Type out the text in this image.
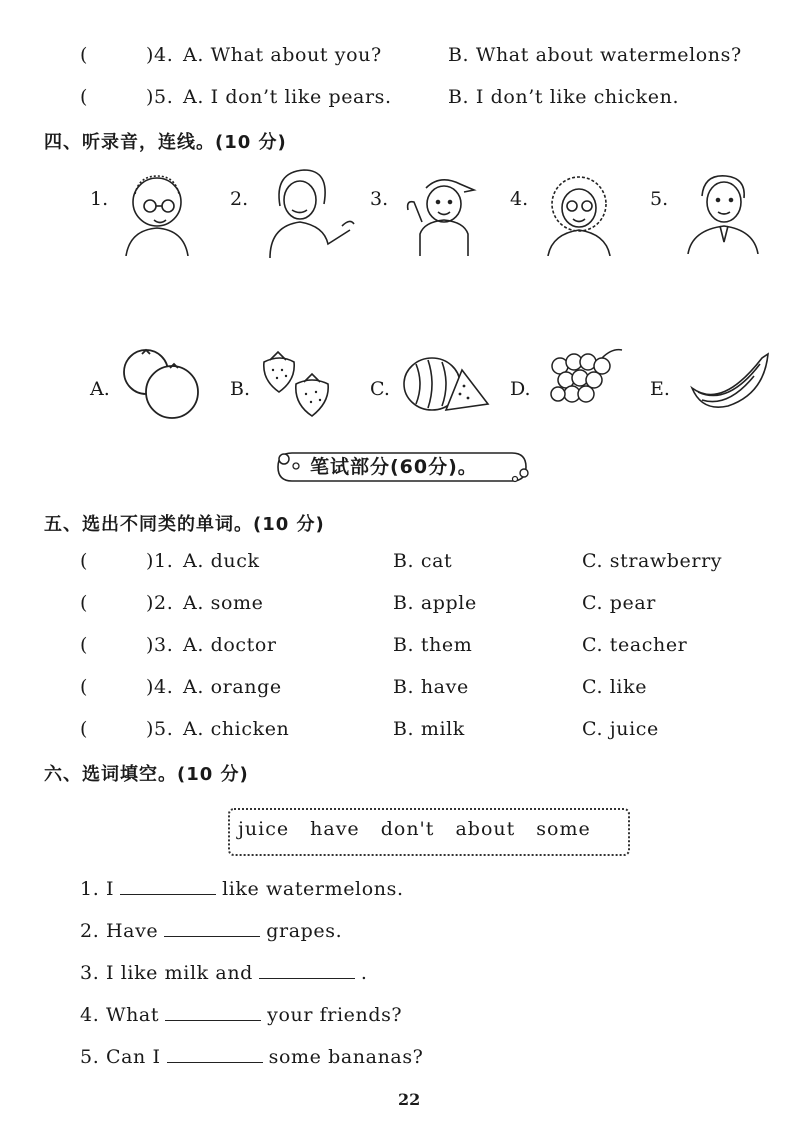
(	)4. A. What about you?	B. What about watermelons?
(	)5. A. I don’t like pears.	B. I don’t like chicken.
四、听录音，连线。(10 分)
1.	2.	3.	4.	5.
A.	B.	C.	D.	E.
笔试部分(60分)。
五、选出不同类的单词。(10 分)
(	)1. A. duck	B. cat	C. strawberry
(	)2. A. some	B. apple	C. pear
(	)3. A. doctor	B. them	C. teacher
(	)4. A. orange	B. have	C. like
(	)5. A. chicken	B. milk	C. juice
六、选词填空。(10 分)
juice have don't about some
1. I	like watermelons.
2. Have	grapes.
3. I like milk and	.
4. What	your friends?
5. Can I	some bananas?
22
